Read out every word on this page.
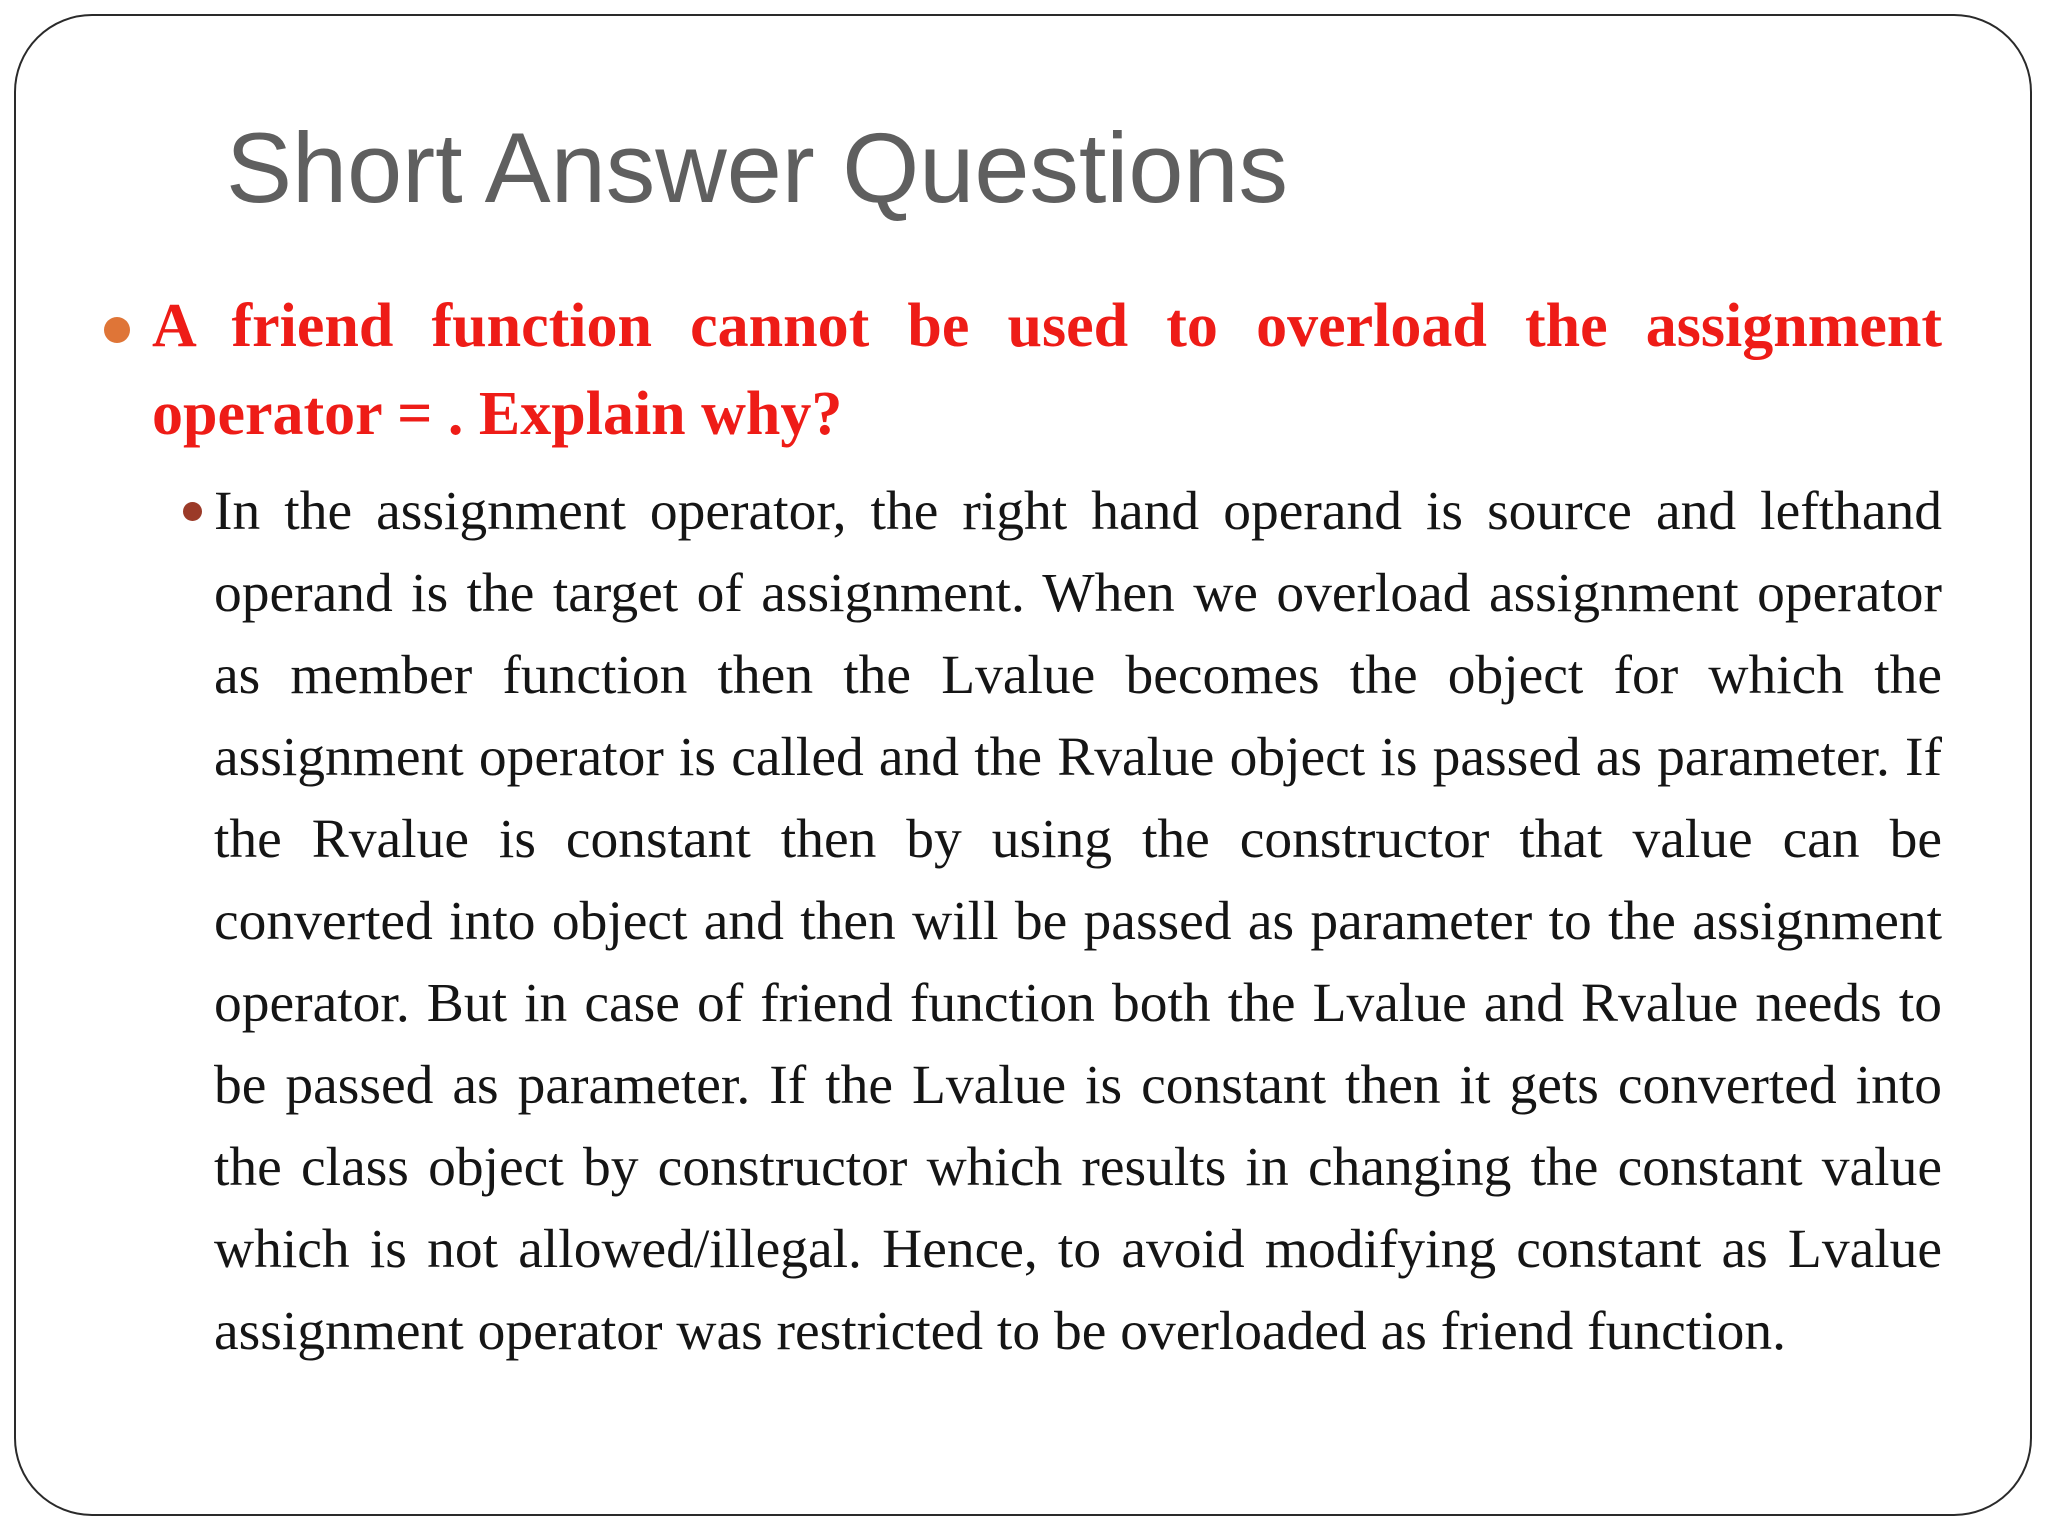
Short Answer Questions

A friend function cannot be used to overload the assignment operator = . Explain why?

In the assignment operator, the right hand operand is source and lefthand operand is the target of assignment. When we overload assignment operator as member function then the Lvalue becomes the object for which the assignment operator is called and the Rvalue object is passed as parameter. If the Rvalue is constant then by using the constructor that value can be converted into object and then will be passed as parameter to the assignment operator. But in case of friend function both the Lvalue and Rvalue needs to be passed as parameter. If the Lvalue is constant then it gets converted into the class object by constructor which results in changing the constant value which is not allowed/illegal. Hence, to avoid modifying constant as Lvalue assignment operator was restricted to be overloaded as friend function.
